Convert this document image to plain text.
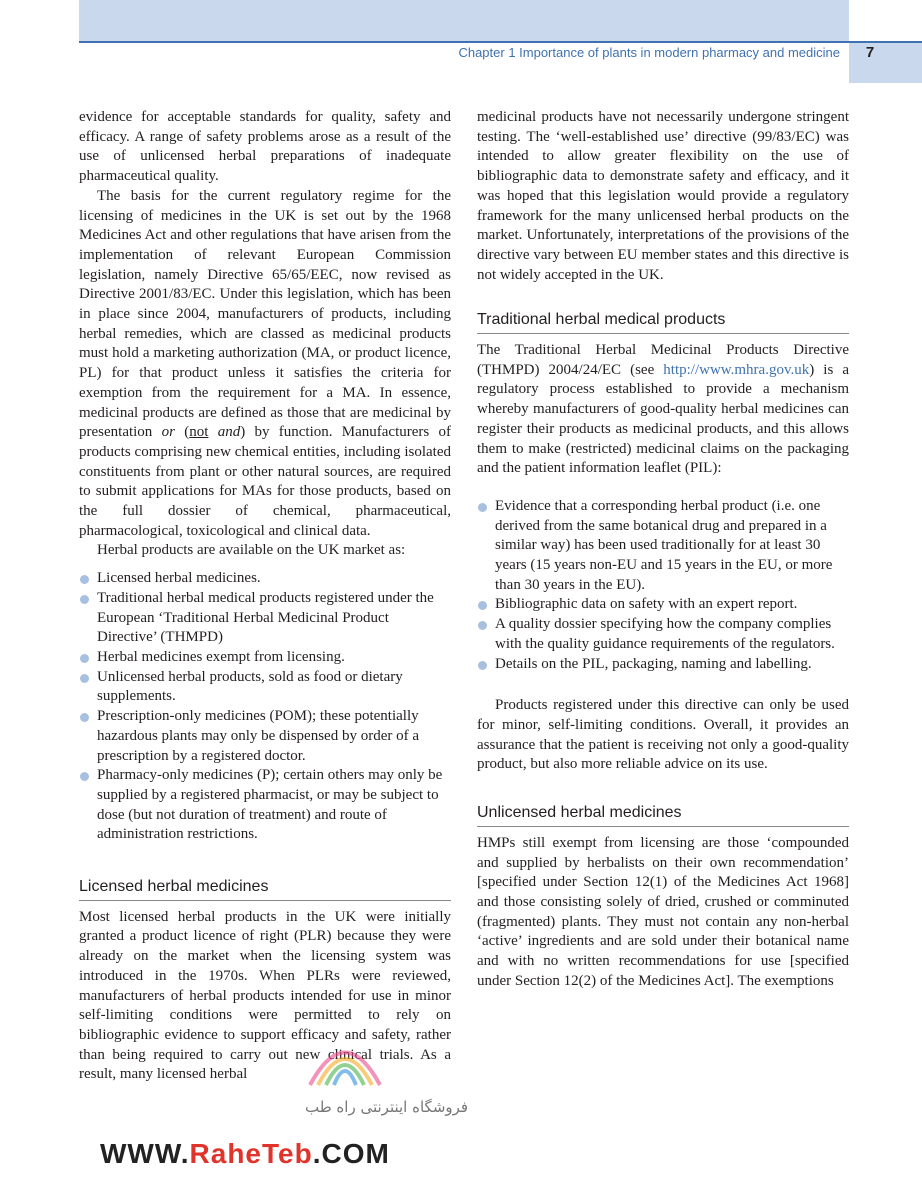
Chapter 1 Importance of plants in modern pharmacy and medicine	7

evidence for acceptable standards for quality, safety and efficacy. A range of safety problems arose as a result of the use of unlicensed herbal preparations of inadequate pharmaceutical quality.

The basis for the current regulatory regime for the licensing of medicines in the UK is set out by the 1968 Medicines Act and other regulations that have arisen from the implementation of relevant European Commission legislation, namely Directive 65/65/EEC, now revised as Directive 2001/83/EC. Under this legislation, which has been in place since 2004, manufacturers of products, including herbal remedies, which are classed as medicinal products must hold a marketing authorization (MA, or product licence, PL) for that product unless it satisfies the criteria for exemption from the requirement for a MA. In essence, medicinal products are defined as those that are medicinal by presentation or (not and) by function. Manufacturers of products comprising new chemical entities, including isolated constituents from plant or other natural sources, are required to submit applications for MAs for those products, based on the full dossier of chemical, pharmaceutical, pharmacological, toxicological and clinical data.

Herbal products are available on the UK market as:

Licensed herbal medicines.
Traditional herbal medical products registered under the European ‘Traditional Herbal Medicinal Product Directive’ (THMPD)
Herbal medicines exempt from licensing.
Unlicensed herbal products, sold as food or dietary supplements.
Prescription-only medicines (POM); these potentially hazardous plants may only be dispensed by order of a prescription by a registered doctor.
Pharmacy-only medicines (P); certain others may only be supplied by a registered pharmacist, or may be subject to dose (but not duration of treatment) and route of administration restrictions.
Licensed herbal medicines

Most licensed herbal products in the UK were initially granted a product licence of right (PLR) because they were already on the market when the licensing system was introduced in the 1970s. When PLRs were reviewed, manufacturers of herbal products intended for use in minor self-limiting conditions were permitted to rely on bibliographic evidence to support efficacy and safety, rather than being required to carry out new clinical trials. As a result, many licensed herbal

medicinal products have not necessarily undergone stringent testing. The ‘well-established use’ directive (99/83/EC) was intended to allow greater flexibility on the use of bibliographic data to demonstrate safety and efficacy, and it was hoped that this legislation would provide a regulatory framework for the many unlicensed herbal products on the market. Unfortunately, interpretations of the provisions of the directive vary between EU member states and this directive is not widely accepted in the UK.

Traditional herbal medical products

The Traditional Herbal Medicinal Products Directive (THMPD) 2004/24/EC (see http://www.mhra.gov.uk) is a regulatory process established to provide a mechanism whereby manufacturers of good-quality herbal medicines can register their products as medicinal products, and this allows them to make (restricted) medicinal claims on the packaging and the patient information leaflet (PIL):

Evidence that a corresponding herbal product (i.e. one derived from the same botanical drug and prepared in a similar way) has been used traditionally for at least 30 years (15 years non-EU and 15 years in the EU, or more than 30 years in the EU).
Bibliographic data on safety with an expert report.
A quality dossier specifying how the company complies with the quality guidance requirements of the regulators.
Details on the PIL, packaging, naming and labelling.

Products registered under this directive can only be used for minor, self-limiting conditions. Overall, it provides an assurance that the patient is receiving not only a good-quality product, but also more reliable advice on its use.

Unlicensed herbal medicines

HMPs still exempt from licensing are those ‘compounded and supplied by herbalists on their own recommendation’ [specified under Section 12(1) of the Medicines Act 1968] and those consisting solely of dried, crushed or comminuted (fragmented) plants. They must not contain any non-herbal ‘active’ ingredients and are sold under their botanical name and with no written recommendations for use [specified under Section 12(2) of the Medicines Act]. The exemptions

فروشگاه اینترنتی راه طب
WWW.RaheTeb.COM
